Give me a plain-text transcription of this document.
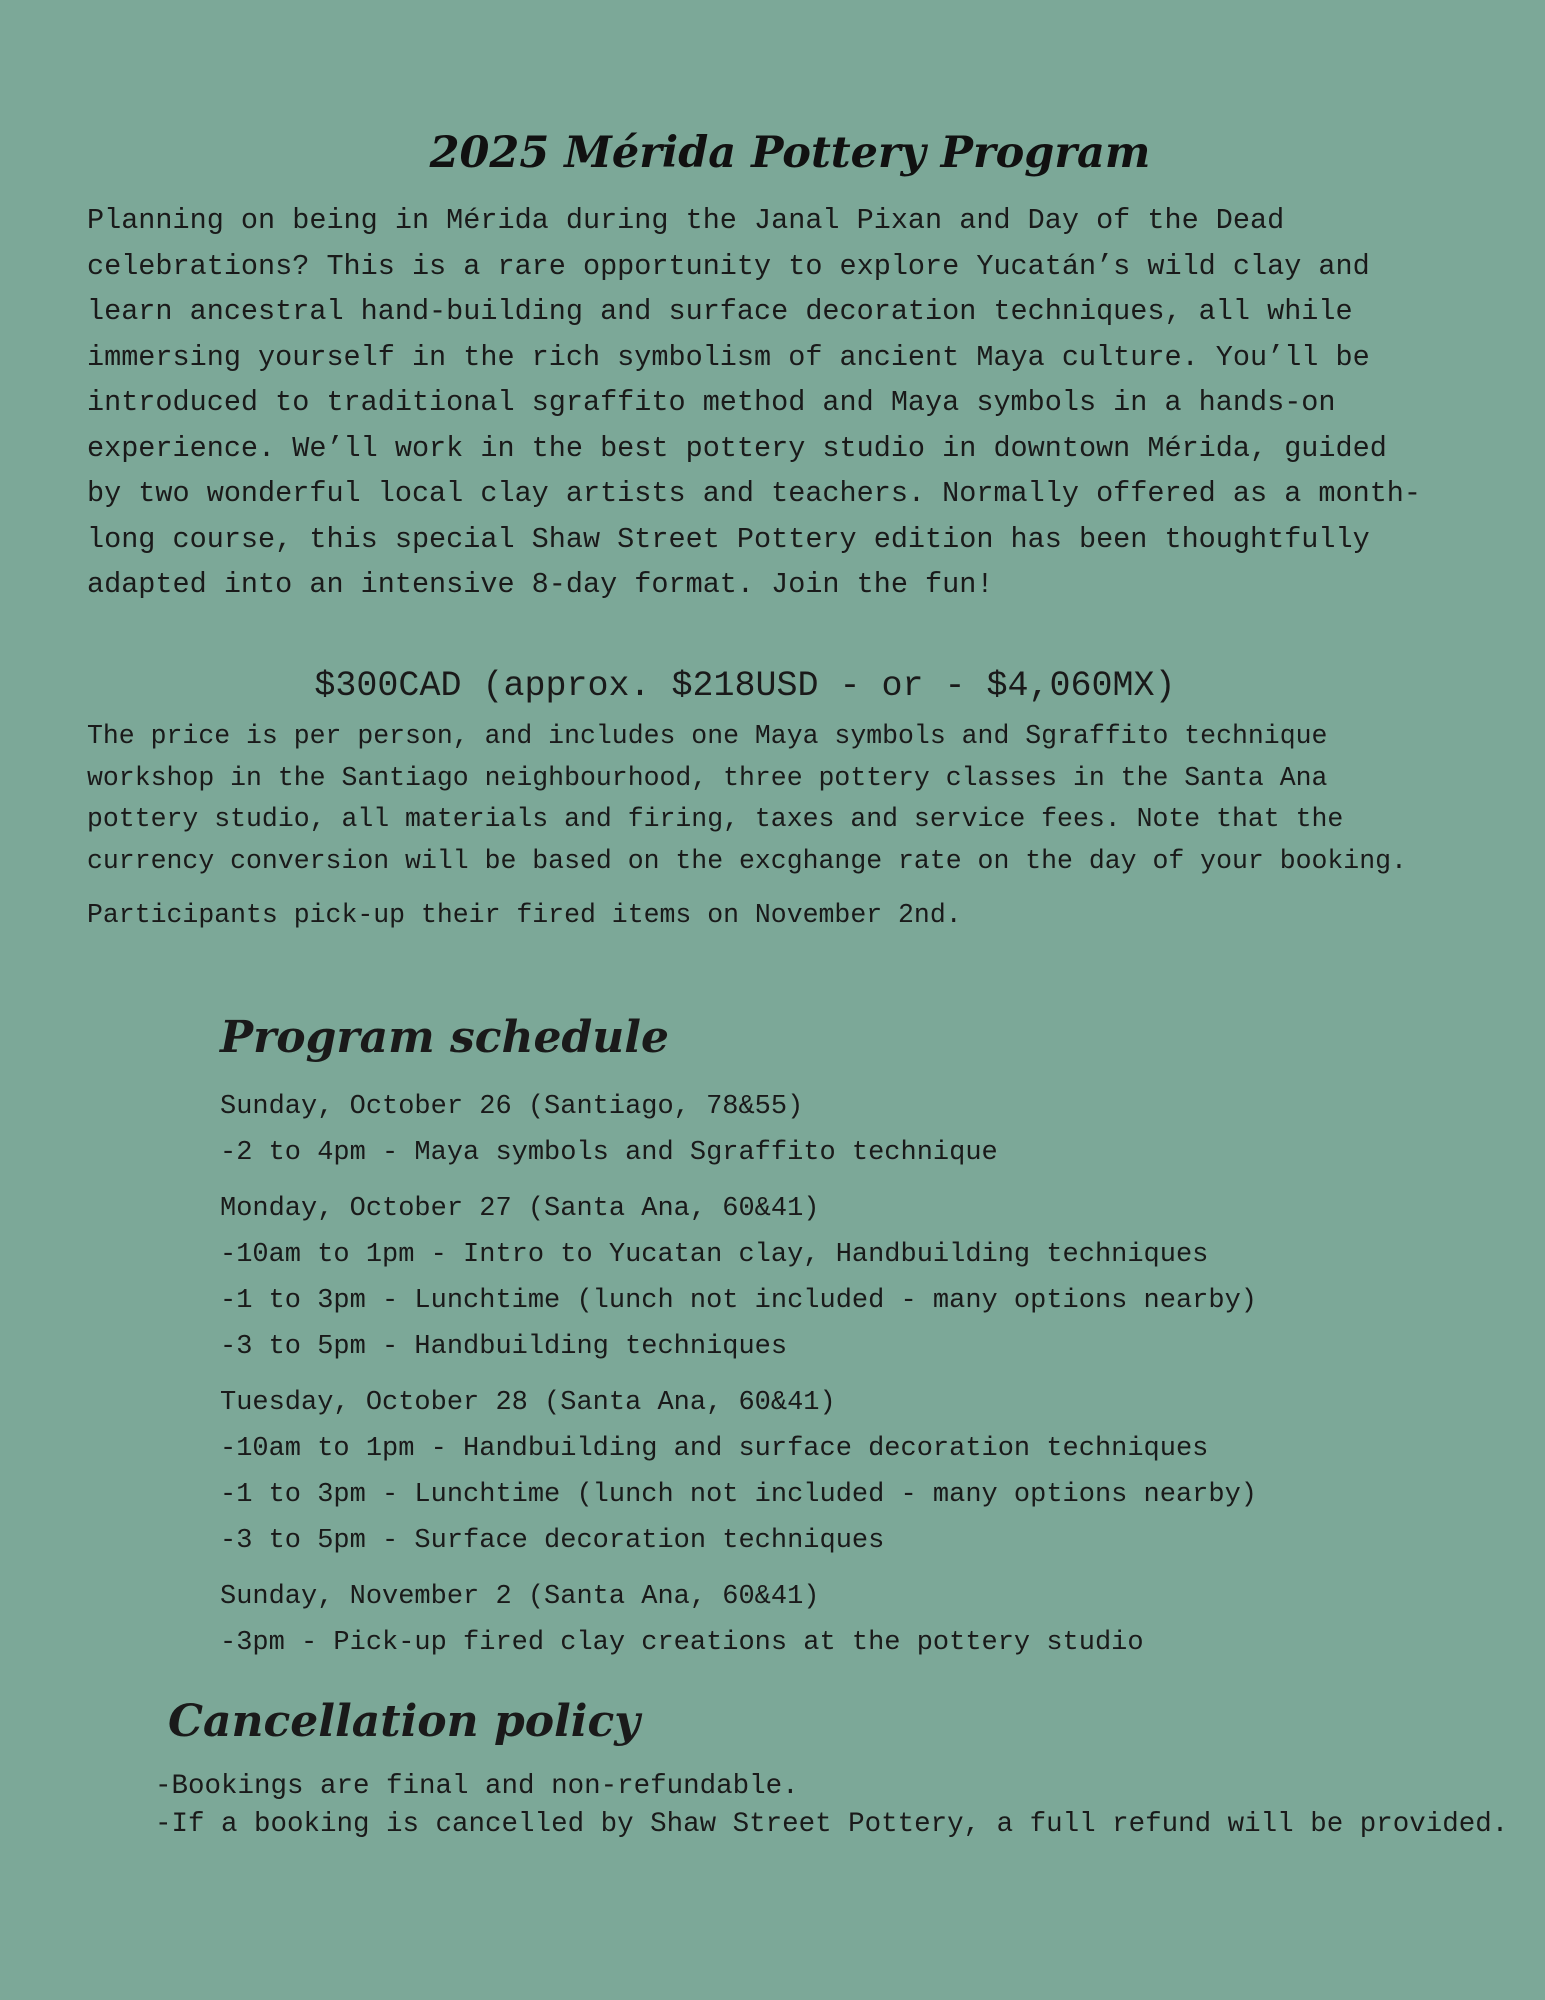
2025 Mérida Pottery Program

Planning on being in Mérida during the Janal Pixan and Day of the Dead
celebrations? This is a rare opportunity to explore Yucatán’s wild clay and
learn ancestral hand-building and surface decoration techniques, all while
immersing yourself in the rich symbolism of ancient Maya culture. You’ll be
introduced to traditional sgraffito method and Maya symbols in a hands-on
experience. We’ll work in the best pottery studio in downtown Mérida, guided
by two wonderful local clay artists and teachers. Normally offered as a month-
long course, this special Shaw Street Pottery edition has been thoughtfully
adapted into an intensive 8-day format. Join the fun!

$300CAD (approx. $218USD - or - $4,060MX)

The price is per person, and includes one Maya symbols and Sgraffito technique
workshop in the Santiago neighbourhood, three pottery classes in the Santa Ana
pottery studio, all materials and firing, taxes and service fees. Note that the
currency conversion will be based on the excghange rate on the day of your booking.

Participants pick-up their fired items on November 2nd.

Program schedule
Sunday, October 26 (Santiago, 78&55)
-2 to 4pm - Maya symbols and Sgraffito technique
Monday, October 27 (Santa Ana, 60&41)
-10am to 1pm - Intro to Yucatan clay, Handbuilding techniques
-1 to 3pm - Lunchtime (lunch not included - many options nearby)
-3 to 5pm - Handbuilding techniques
Tuesday, October 28 (Santa Ana, 60&41)
-10am to 1pm - Handbuilding and surface decoration techniques
-1 to 3pm - Lunchtime (lunch not included - many options nearby)
-3 to 5pm - Surface decoration techniques
Sunday, November 2 (Santa Ana, 60&41)
-3pm - Pick-up fired clay creations at the pottery studio
Cancellation policy
-Bookings are final and non-refundable.
-If a booking is cancelled by Shaw Street Pottery, a full refund will be provided.
